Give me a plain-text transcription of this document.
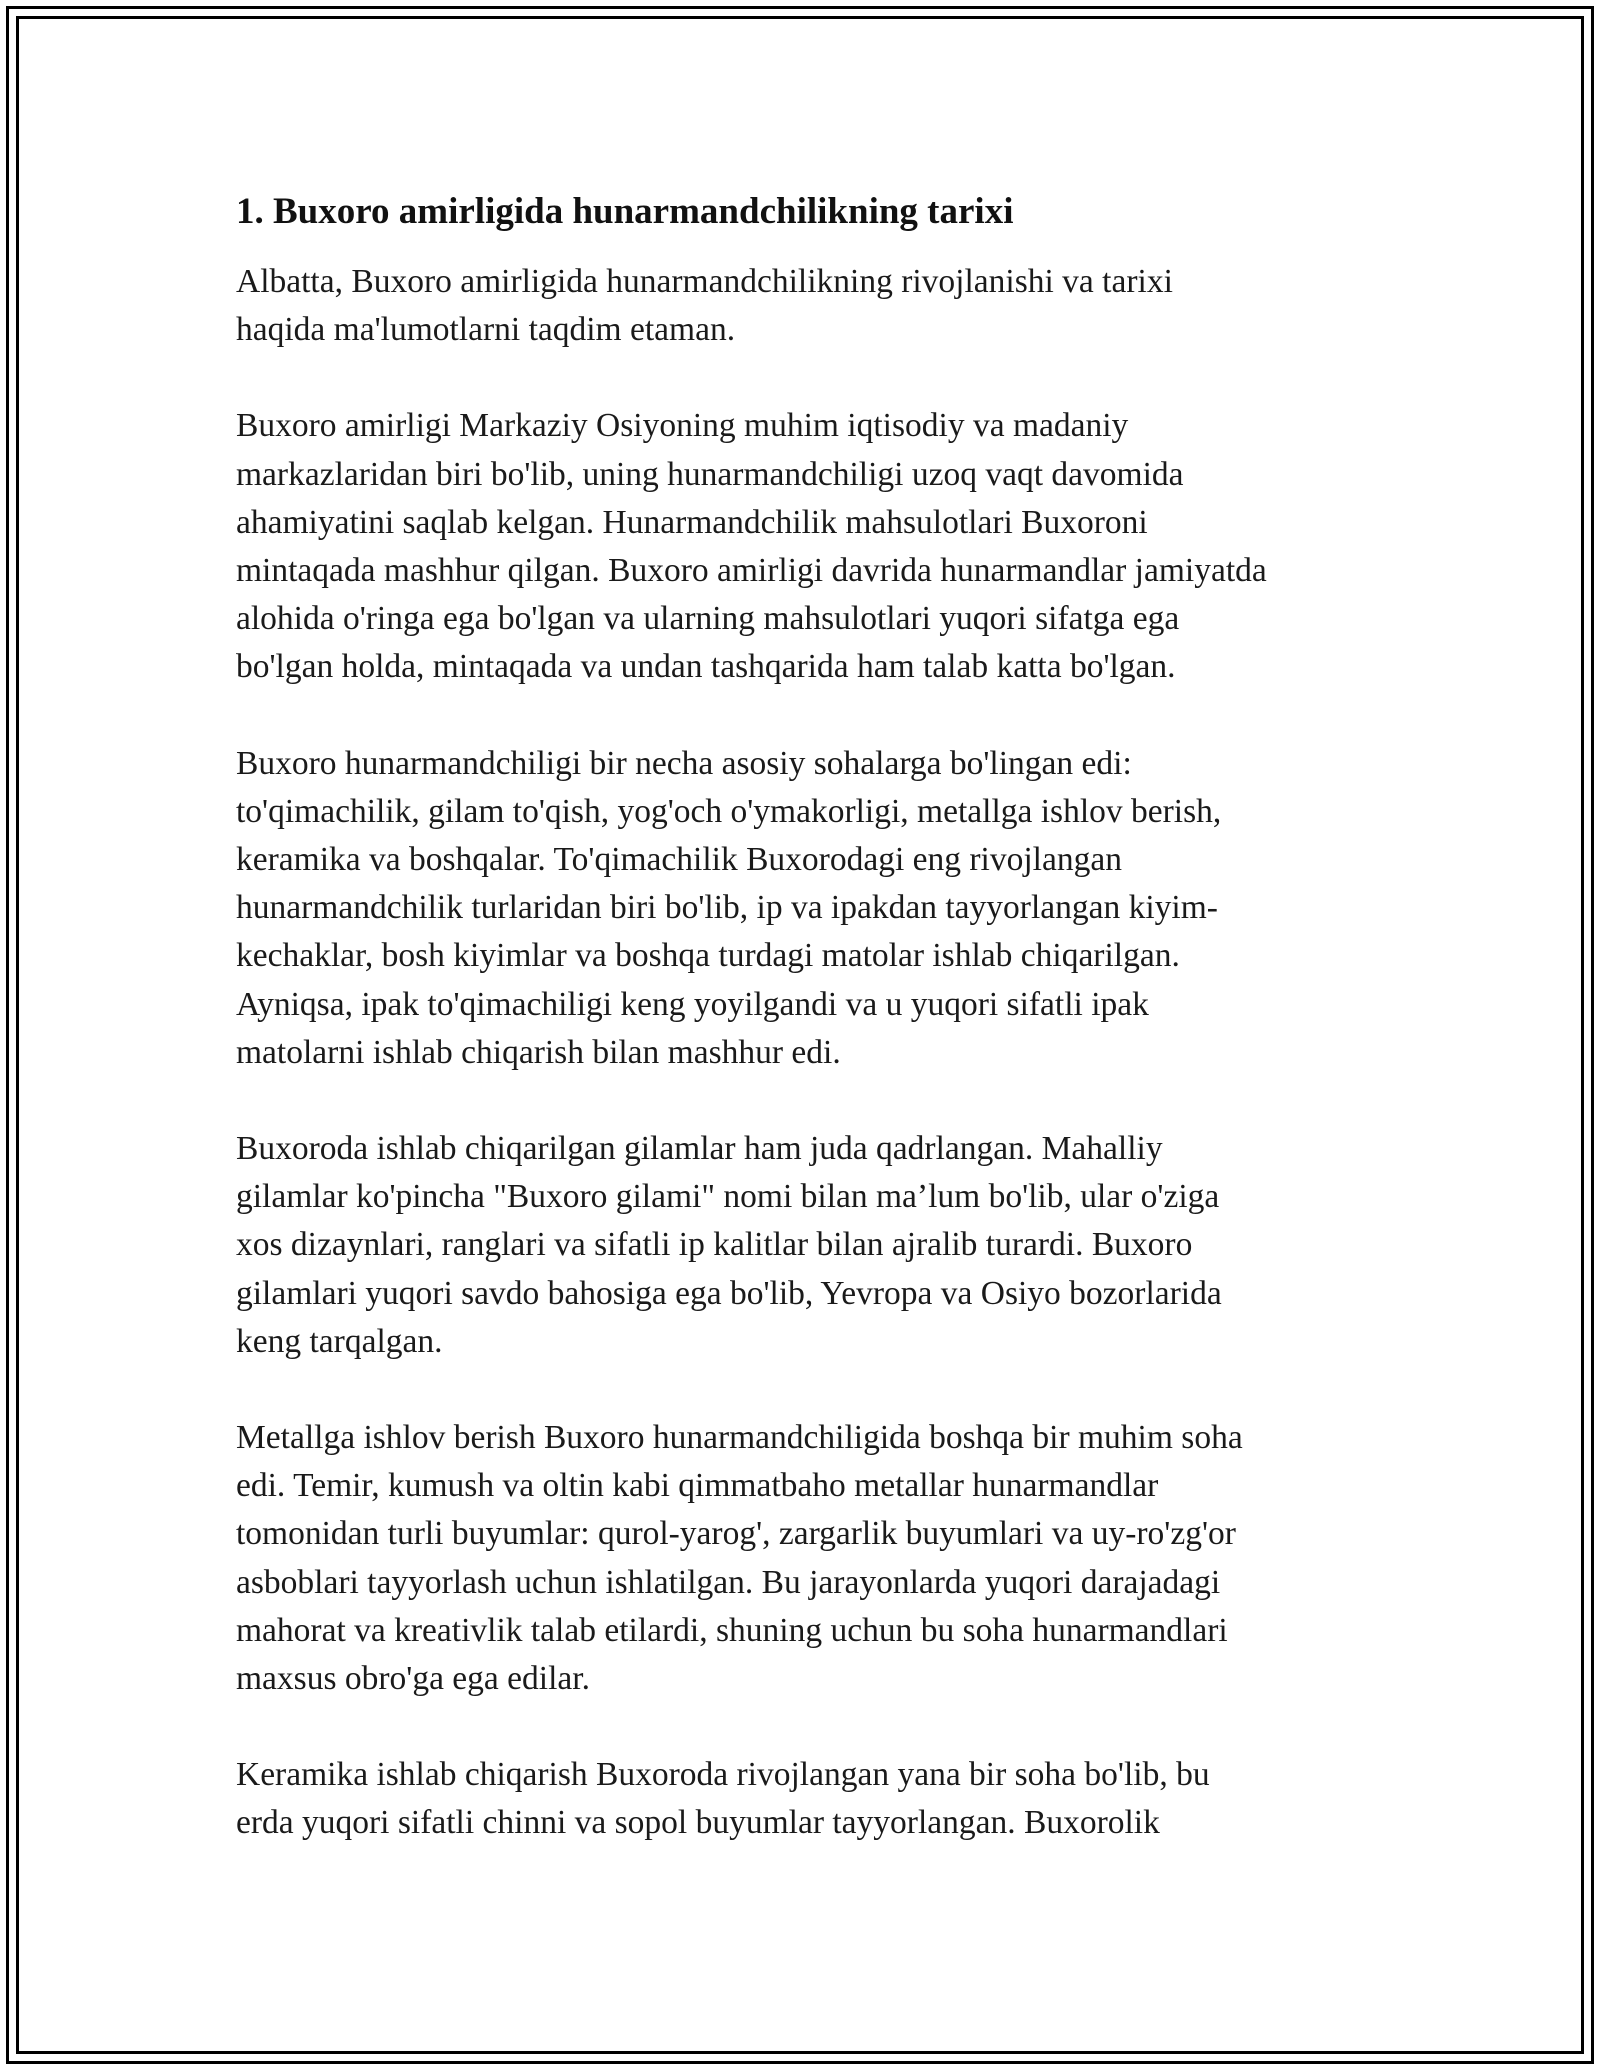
1. Buxoro amirligida hunarmandchilikning tarixi

Albatta, Buxoro amirligida hunarmandchilikning rivojlanishi va tarixi
haqida ma'lumotlarni taqdim etaman.

Buxoro amirligi Markaziy Osiyoning muhim iqtisodiy va madaniy
markazlaridan biri bo'lib, uning hunarmandchiligi uzoq vaqt davomida
ahamiyatini saqlab kelgan. Hunarmandchilik mahsulotlari Buxoroni
mintaqada mashhur qilgan. Buxoro amirligi davrida hunarmandlar jamiyatda
alohida o'ringa ega bo'lgan va ularning mahsulotlari yuqori sifatga ega
bo'lgan holda, mintaqada va undan tashqarida ham talab katta bo'lgan.

Buxoro hunarmandchiligi bir necha asosiy sohalarga bo'lingan edi:
to'qimachilik, gilam to'qish, yog'och o'ymakorligi, metallga ishlov berish,
keramika va boshqalar. To'qimachilik Buxorodagi eng rivojlangan
hunarmandchilik turlaridan biri bo'lib, ip va ipakdan tayyorlangan kiyim-
kechaklar, bosh kiyimlar va boshqa turdagi matolar ishlab chiqarilgan.
Ayniqsa, ipak to'qimachiligi keng yoyilgandi va u yuqori sifatli ipak
matolarni ishlab chiqarish bilan mashhur edi.

Buxoroda ishlab chiqarilgan gilamlar ham juda qadrlangan. Mahalliy
gilamlar ko'pincha "Buxoro gilami" nomi bilan ma’lum bo'lib, ular o'ziga
xos dizaynlari, ranglari va sifatli ip kalitlar bilan ajralib turardi. Buxoro
gilamlari yuqori savdo bahosiga ega bo'lib, Yevropa va Osiyo bozorlarida
keng tarqalgan.

Metallga ishlov berish Buxoro hunarmandchiligida boshqa bir muhim soha
edi. Temir, kumush va oltin kabi qimmatbaho metallar hunarmandlar
tomonidan turli buyumlar: qurol-yarog', zargarlik buyumlari va uy-ro'zg'or
asboblari tayyorlash uchun ishlatilgan. Bu jarayonlarda yuqori darajadagi
mahorat va kreativlik talab etilardi, shuning uchun bu soha hunarmandlari
maxsus obro'ga ega edilar.

Keramika ishlab chiqarish Buxoroda rivojlangan yana bir soha bo'lib, bu
erda yuqori sifatli chinni va sopol buyumlar tayyorlangan. Buxorolik
